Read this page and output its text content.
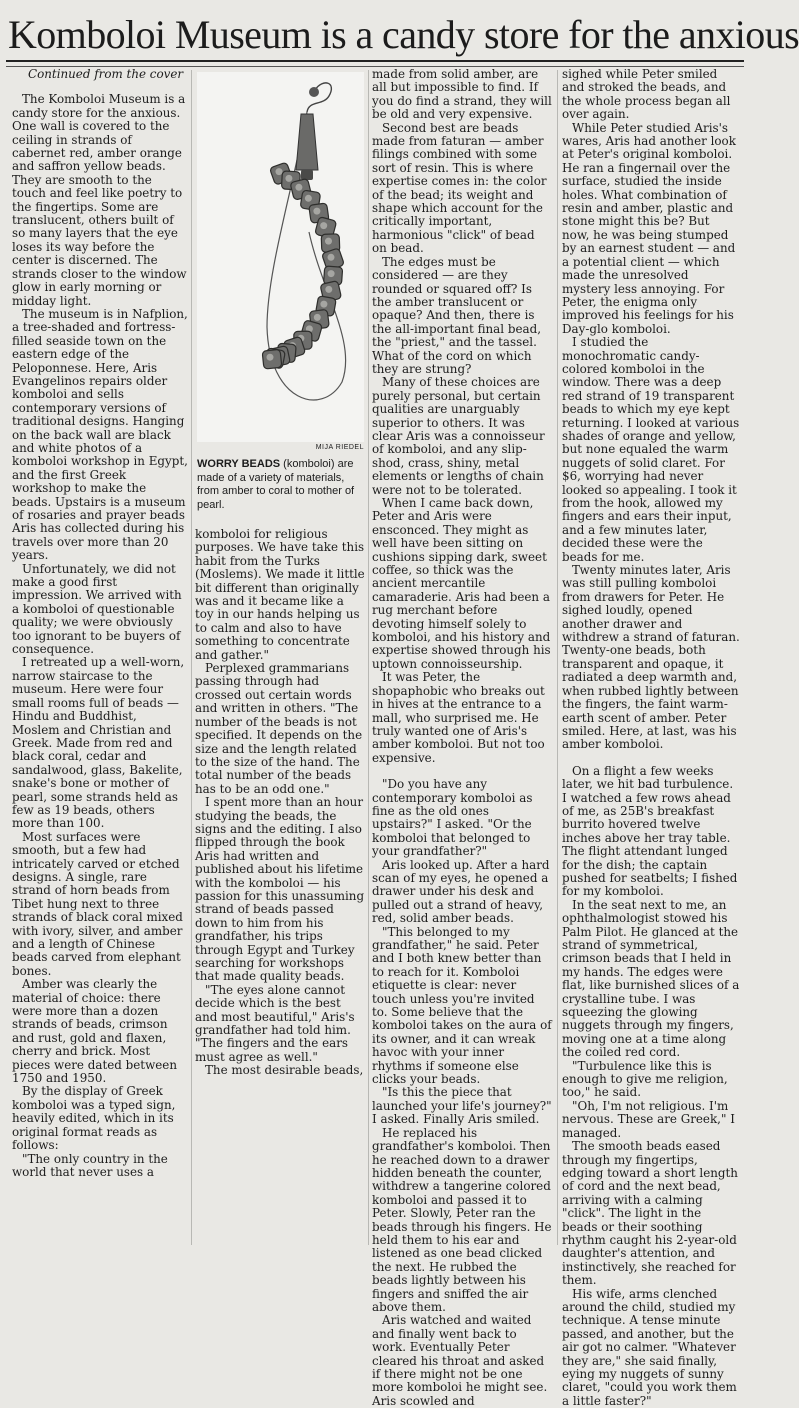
Komboloi Museum is a candy store for the anxious

Continued from the cover

The Komboloi Museum is a candy store for the anxious. One wall is covered to the ceiling in strands of cabernet red, amber orange and saffron yellow beads. They are smooth to the touch and feel like poetry to the fingertips. Some are translucent, others built of so many layers that the eye loses its way before the center is discerned. The strands closer to the window glow in early morning or midday light.

The museum is in Nafplion, a tree-shaded and fortress-filled seaside town on the eastern edge of the Peloponnese. Here, Aris Evangelinos repairs older komboloi and sells contemporary versions of traditional designs. Hanging on the back wall are black and white photos of a komboloi workshop in Egypt, and the first Greek workshop to make the beads. Upstairs is a museum of rosaries and prayer beads Aris has collected during his travels over more than 20 years.

Unfortunately, we did not make a good first impression. We arrived with a komboloi of questionable quality; we were obviously too ignorant to be buyers of consequence.

I retreated up a well-worn, narrow staircase to the museum. Here were four small rooms full of beads — Hindu and Buddhist, Moslem and Christian and Greek. Made from red and black coral, cedar and sandalwood, glass, Bakelite, snake's bone or mother of pearl, some strands held as few as 19 beads, others more than 100.

Most surfaces were smooth, but a few had intricately carved or etched designs. A single, rare strand of horn beads from Tibet hung next to three strands of black coral mixed with ivory, silver, and amber and a length of Chinese beads carved from elephant bones.

Amber was clearly the material of choice: there were more than a dozen strands of beads, crimson and rust, gold and flaxen, cherry and brick. Most pieces were dated between 1750 and 1950.

By the display of Greek komboloi was a typed sign, heavily edited, which in its original format reads as follows:

"The only country in the world that never uses a

MIJA RIEDEL
WORRY BEADS (komboloi) are made of a variety of materials, from amber to coral to mother of pearl.

komboloi for religious purposes. We have take this habit from the Turks (Moslems). We made it little bit different than originally was and it became like a toy in our hands helping us to calm and also to have something to concentrate and gather."

Perplexed grammarians passing through had crossed out certain words and written in others. "The number of the beads is not specified. It depends on the size and the length related to the size of the hand. The total number of the beads has to be an odd one."

I spent more than an hour studying the beads, the signs and the editing. I also flipped through the book Aris had written and published about his lifetime with the komboloi — his passion for this unassuming strand of beads passed down to him from his grandfather, his trips through Egypt and Turkey searching for workshops that made quality beads.

"The eyes alone cannot decide which is the best and most beautiful," Aris's grandfather had told him. "The fingers and the ears must agree as well."

The most desirable beads,

made from solid amber, are all but impossible to find. If you do find a strand, they will be old and very expensive.

Second best are beads made from faturan — amber filings combined with some sort of resin. This is where expertise comes in: the color of the bead; its weight and shape which account for the critically important, harmonious "click" of bead on bead.

The edges must be considered — are they rounded or squared off? Is the amber translucent or opaque? And then, there is the all-important final bead, the "priest," and the tassel. What of the cord on which they are strung?

Many of these choices are purely personal, but certain qualities are unarguably superior to others. It was clear Aris was a connoisseur of komboloi, and any slip-shod, crass, shiny, metal elements or lengths of chain were not to be tolerated.

When I came back down, Peter and Aris were ensconced. They might as well have been sitting on cushions sipping dark, sweet coffee, so thick was the ancient mercantile camaraderie. Aris had been a rug merchant before devoting himself solely to komboloi, and his history and expertise showed through his uptown connoisseurship.

It was Peter, the shopaphobic who breaks out in hives at the entrance to a mall, who surprised me. He truly wanted one of Aris's amber komboloi. But not too expensive.

"Do you have any contemporary komboloi as fine as the old ones upstairs?" I asked. "Or the komboloi that belonged to your grandfather?"

Aris looked up. After a hard scan of my eyes, he opened a drawer under his desk and pulled out a strand of heavy, red, solid amber beads.

"This belonged to my grandfather," he said. Peter and I both knew better than to reach for it. Komboloi etiquette is clear: never touch unless you're invited to. Some believe that the komboloi takes on the aura of its owner, and it can wreak havoc with your inner rhythms if someone else clicks your beads.

"Is this the piece that launched your life's journey?" I asked. Finally Aris smiled.

He replaced his grandfather's komboloi. Then he reached down to a drawer hidden beneath the counter, withdrew a tangerine colored komboloi and passed it to Peter. Slowly, Peter ran the beads through his fingers. He held them to his ear and listened as one bead clicked the next. He rubbed the beads lightly between his fingers and sniffed the air above them.

Aris watched and waited and finally went back to work. Eventually Peter cleared his throat and asked if there might not be one more komboloi he might see. Aris scowled and

sighed while Peter smiled and stroked the beads, and the whole process began all over again.

While Peter studied Aris's wares, Aris had another look at Peter's original komboloi. He ran a fingernail over the surface, studied the inside holes. What combination of resin and amber, plastic and stone might this be? But now, he was being stumped by an earnest student — and a potential client — which made the unresolved mystery less annoying. For Peter, the enigma only improved his feelings for his Day-glo komboloi.

I studied the monochromatic candy-colored komboloi in the window. There was a deep red strand of 19 transparent beads to which my eye kept returning. I looked at various shades of orange and yellow, but none equaled the warm nuggets of solid claret. For $6, worrying had never looked so appealing. I took it from the hook, allowed my fingers and ears their input, and a few minutes later, decided these were the beads for me.

Twenty minutes later, Aris was still pulling komboloi from drawers for Peter. He sighed loudly, opened another drawer and withdrew a strand of faturan. Twenty-one beads, both transparent and opaque, it radiated a deep warmth and, when rubbed lightly between the fingers, the faint warm-earth scent of amber. Peter smiled. Here, at last, was his amber komboloi.

On a flight a few weeks later, we hit bad turbulence. I watched a few rows ahead of me, as 25B's breakfast burrito hovered twelve inches above her tray table. The flight attendant lunged for the dish; the captain pushed for seatbelts; I fished for my komboloi.

In the seat next to me, an ophthalmologist stowed his Palm Pilot. He glanced at the strand of symmetrical, crimson beads that I held in my hands. The edges were flat, like burnished slices of a crystalline tube. I was squeezing the glowing nuggets through my fingers, moving one at a time along the coiled red cord.

"Turbulence like this is enough to give me religion, too," he said.

"Oh, I'm not religious. I'm nervous. These are Greek," I managed.

The smooth beads eased through my fingertips, edging toward a short length of cord and the next bead, arriving with a calming "click". The light in the beads or their soothing rhythm caught his 2-year-old daughter's attention, and instinctively, she reached for them.

His wife, arms clenched around the child, studied my technique. A tense minute passed, and another, but the air got no calmer. "Whatever they are," she said finally, eying my nuggets of sunny claret, "could you work them a little faster?"
